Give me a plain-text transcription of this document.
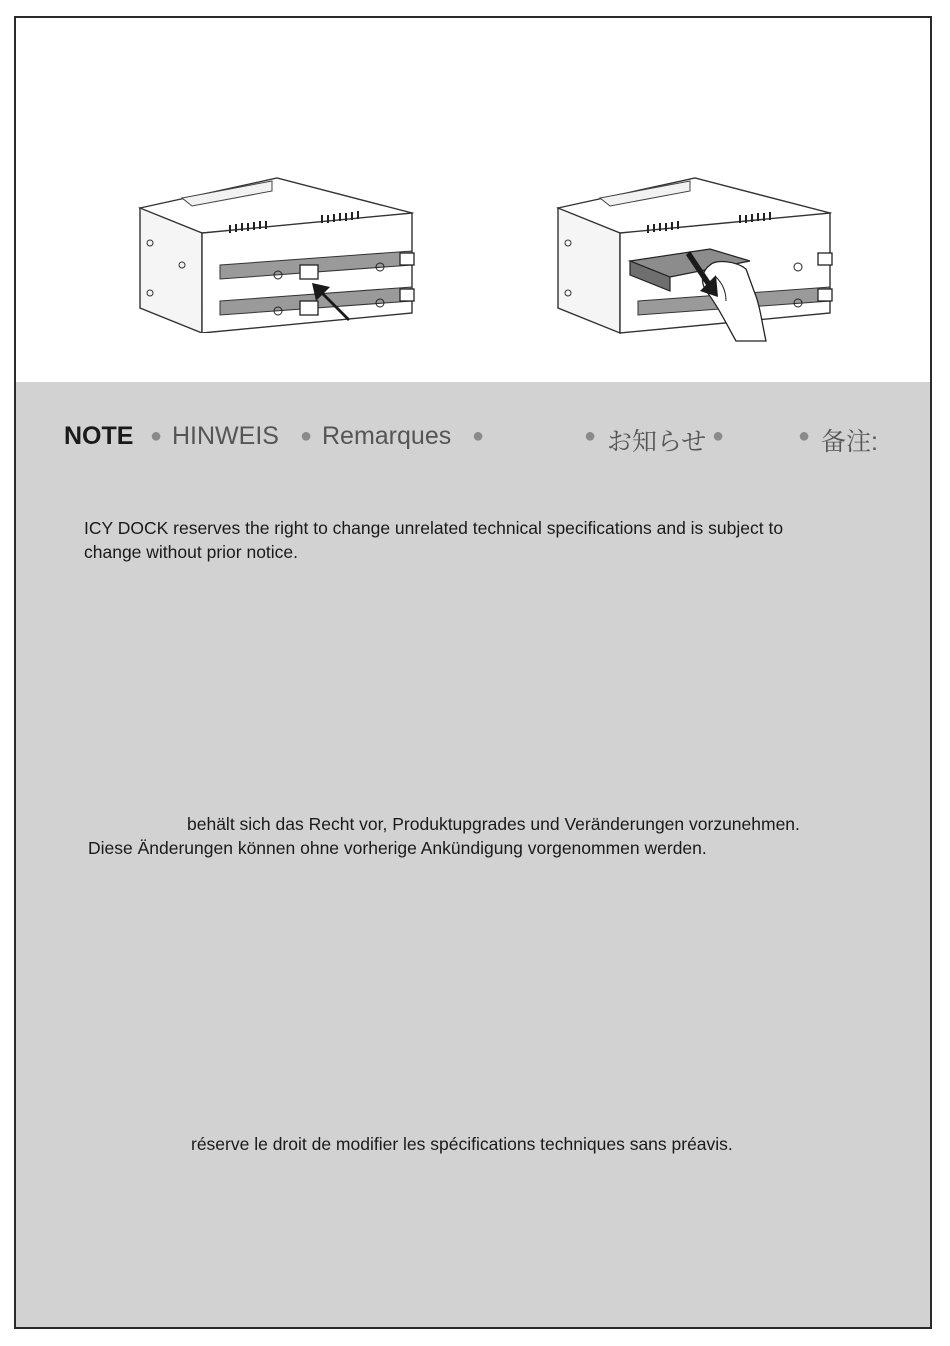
NOTE ● HINWEIS ● Remarques ●	● お知らせ ●	● 备注:
ICY DOCK reserves the right to change unrelated technical specifications and is subject to
change without prior notice.
behält sich das Recht vor, Produktupgrades und Veränderungen vorzunehmen.
Diese Änderungen können ohne vorherige Ankündigung vorgenommen werden.
réserve le droit de modifier les spécifications techniques sans préavis.
